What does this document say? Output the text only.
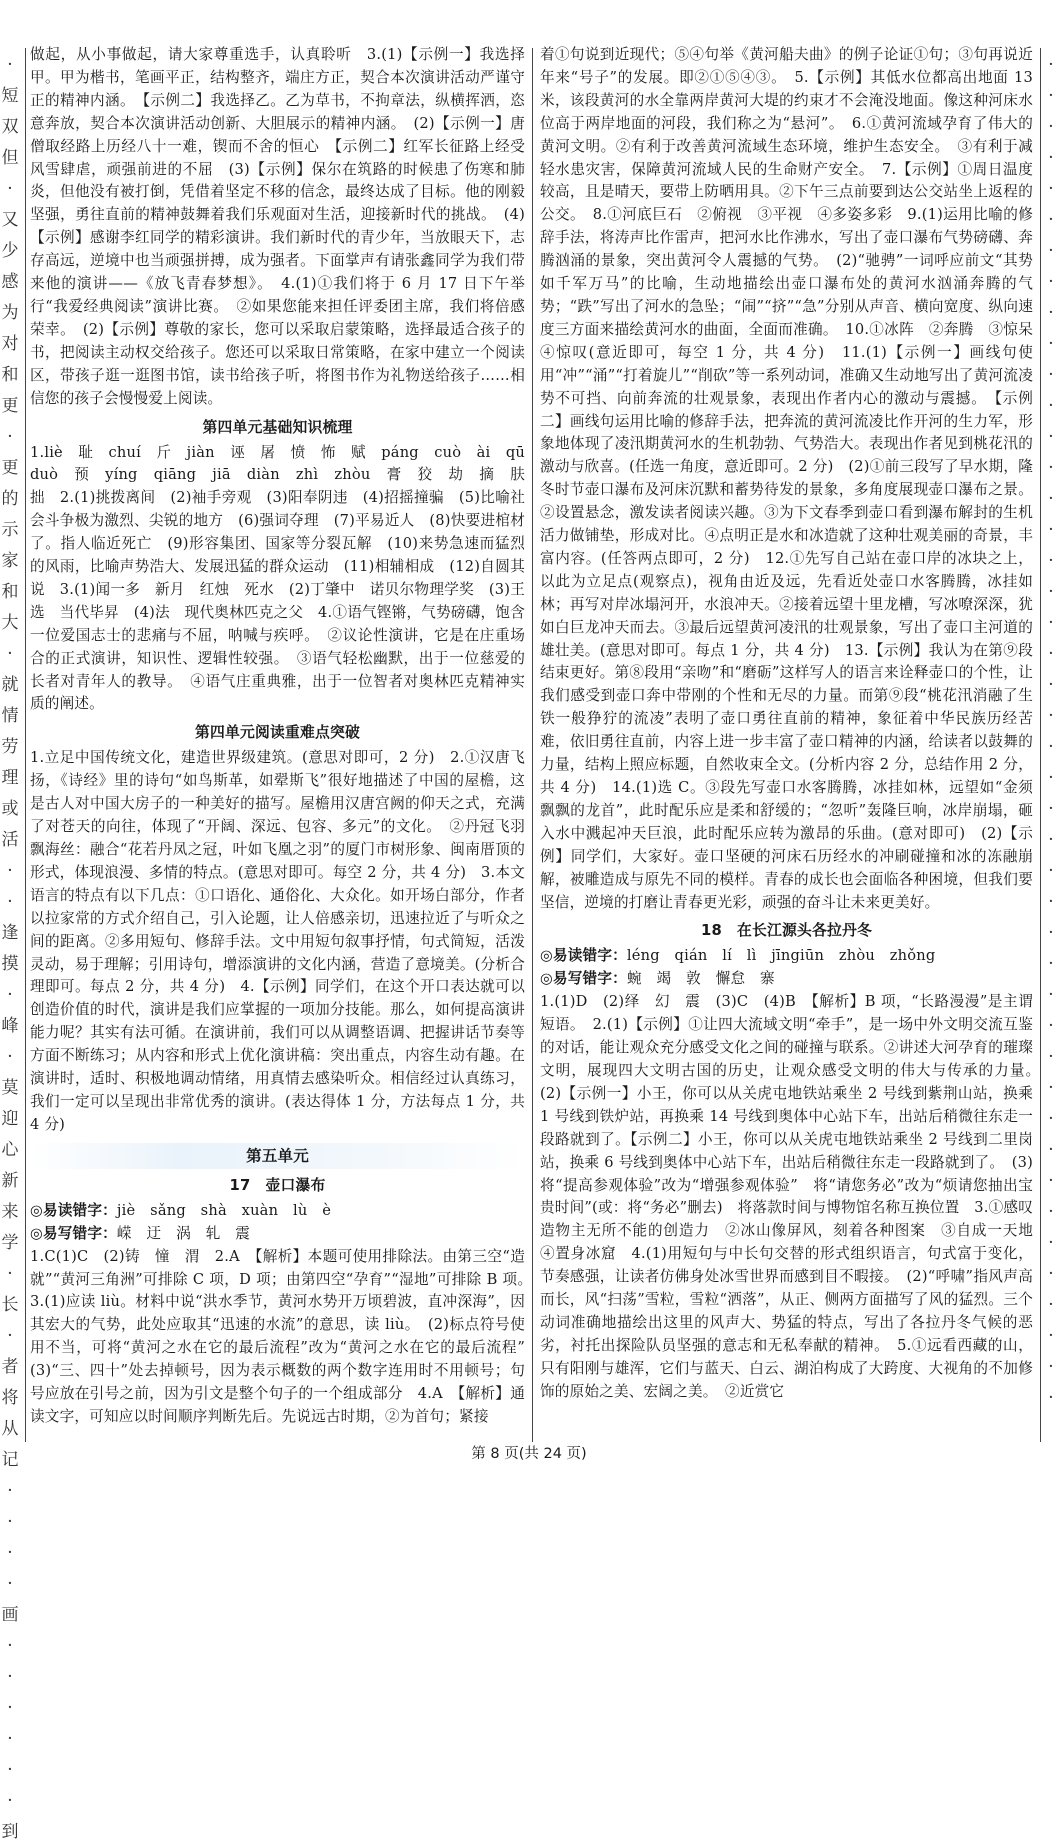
·
短
双
但
·
又
少
感
为
对
和
更
·
更
的
示
家
和
大
·
就
情
劳
理
或
活
·
·
逢
摸
·
峰
·
莫
迎
心
新
来
学
·
长
·
者
将
从
记
·
·
·
·
画
·
·
·
·
·
·
到

做起，从小事做起，请大家尊重选手，认真聆听　3.(1)【示例一】我选择甲。甲为楷书，笔画平正，结构整齐，端庄方正，契合本次演讲活动严谨守正的精神内涵。　【示例二】我选择乙。乙为草书，不拘章法，纵横挥洒，恣意奔放，契合本次演讲活动创新、大胆展示的精神内涵。　(2)【示例一】唐僧取经路上历经八十一难，锲而不舍的恒心　【示例二】红军长征路上经受风雪肆虐，顽强前进的不屈　(3)【示例】保尔在筑路的时候患了伤寒和肺炎，但他没有被打倒，凭借着坚定不移的信念，最终达成了目标。他的刚毅坚强，勇往直前的精神鼓舞着我们乐观面对生活，迎接新时代的挑战。　(4)【示例】感谢李红同学的精彩演讲。我们新时代的青少年，当放眼天下，志存高远，逆境中也当顽强拼搏，成为强者。下面掌声有请张鑫同学为我们带来他的演讲——《放飞青春梦想》。　4.(1)①我们将于 6 月 17 日下午举行“我爱经典阅读”演讲比赛。　②如果您能来担任评委团主席，我们将倍感荣幸。　(2)【示例】尊敬的家长，您可以采取启蒙策略，选择最适合孩子的书，把阅读主动权交给孩子。您还可以采取日常策略，在家中建立一个阅读区，带孩子逛一逛图书馆，读书给孩子听，将图书作为礼物送给孩子……相信您的孩子会慢慢爱上阅读。

第四单元基础知识梳理

1.liè　耻　chuí　斤　jiàn　诬　屠　愤　怖　赋　páng　cuò　ài　qū　duò　预　yíng　qiāng　jiā　diàn　zhì　zhòu　膏　狡　劫　摘　肤　拙　2.(1)挑拨离间　(2)袖手旁观　(3)阳奉阴违　(4)招摇撞骗　(5)比喻社会斗争极为激烈、尖锐的地方　(6)强词夺理　(7)平易近人　(8)快要进棺材了。指人临近死亡　(9)形容集团、国家等分裂瓦解　(10)来势急速而猛烈的风雨，比喻声势浩大、发展迅猛的群众运动　(11)相辅相成　(12)自圆其说　3.(1)闻一多　新月　红烛　死水　(2)丁肇中　诺贝尔物理学奖　(3)王选　当代毕昇　(4)法　现代奥林匹克之父　4.①语气铿锵，气势磅礴，饱含一位爱国志士的悲痛与不屈，呐喊与疾呼。　②议论性演讲，它是在庄重场合的正式演讲，知识性、逻辑性较强。　③语气轻松幽默，出于一位慈爱的长者对青年人的教导。　④语气庄重典雅，出于一位智者对奥林匹克精神实质的阐述。

第四单元阅读重难点突破

1.立足中国传统文化，建造世界级建筑。(意思对即可，2 分)　2.①汉唐飞扬，《诗经》里的诗句“如鸟斯革，如翚斯飞”很好地描述了中国的屋檐，这是古人对中国大房子的一种美好的描写。屋檐用汉唐宫阙的仰天之式，充满了对苍天的向往，体现了“开阔、深远、包容、多元”的文化。　②丹冠飞羽飘海丝：融合“花若丹凤之冠，叶如飞凰之羽”的厦门市树形象、闽南厝顶的形式，体现浪漫、多情的特点。(意思对即可。每空 2 分，共 4 分)　3.本文语言的特点有以下几点：①口语化、通俗化、大众化。如开场白部分，作者以拉家常的方式介绍自己，引入论题，让人倍感亲切，迅速拉近了与听众之间的距离。②多用短句、修辞手法。文中用短句叙事抒情，句式简短，活泼灵动，易于理解；引用诗句，增添演讲的文化内涵，营造了意境美。(分析合理即可。每点 2 分，共 4 分)　4.【示例】同学们，在这个开口表达就可以创造价值的时代，演讲是我们应掌握的一项加分技能。那么，如何提高演讲能力呢？其实有法可循。在演讲前，我们可以从调整语调、把握讲话节奏等方面不断练习；从内容和形式上优化演讲稿：突出重点，内容生动有趣。在演讲时，适时、积极地调动情绪，用真情去感染听众。相信经过认真练习，我们一定可以呈现出非常优秀的演讲。(表达得体 1 分，方法每点 1 分，共 4 分)

第五单元
17　壶口瀑布

◎易读错字：jiè　sǎng　shà　xuàn　lù　è

◎易写错字：嵘　迂　涡　轧　震

1.C(1)C　(2)铸　憧　渭　2.A　【解析】本题可使用排除法。由第三空“造就”“黄河三角洲”可排除 C 项，D 项；由第四空“孕育”“湿地”可排除 B 项。　3.(1)应读 liù。材料中说“洪水季节，黄河水势开万顷碧波，直冲深海”，因其宏大的气势，此处应取其“迅速的水流”的意思，读 liù。　(2)标点符号使用不当，可将“黄河之水在它的最后流程”改为“黄河之水在它的最后流程”　(3)“三、四十”处去掉顿号，因为表示概数的两个数字连用时不用顿号；句号应放在引号之前，因为引文是整个句子的一个组成部分　4.A　【解析】通读文字，可知应以时间顺序判断先后。先说远古时期，②为首句；紧接

着①句说到近现代；⑤④句举《黄河船夫曲》的例子论证①句；③句再说近年来“号子”的发展。即②①⑤④③。　5.【示例】其低水位都高出地面 13 米，该段黄河的水全靠两岸黄河大堤的约束才不会淹没地面。像这种河床水位高于两岸地面的河段，我们称之为“悬河”。　6.①黄河流域孕育了伟大的黄河文明。②有利于改善黄河流域生态环境，维护生态安全。　③有利于减轻水患灾害，保障黄河流域人民的生命财产安全。　7.【示例】①周日温度较高，且是晴天，要带上防晒用具。②下午三点前要到达公交站坐上返程的公交。　8.①河底巨石　②俯视　③平视　④多姿多彩　9.(1)运用比喻的修辞手法，将涛声比作雷声，把河水比作沸水，写出了壶口瀑布气势磅礴、奔腾汹涌的景象，突出黄河令人震撼的气势。　(2)“驰骋”一词呼应前文“其势如千军万马”的比喻，生动地描绘出壶口瀑布处的黄河水汹涌奔腾的气势；“跌”写出了河水的急坠；“闹”“挤”“急”分别从声音、横向宽度、纵向速度三方面来描绘黄河水的曲面，全面而准确。　10.①冰阵　②奔腾　③惊呆　④惊叹(意近即可，每空 1 分，共 4 分)　11.(1)【示例一】画线句使用“冲”“涌”“打着旋儿”“削砍”等一系列动词，准确又生动地写出了黄河流凌势不可挡、向前奔流的壮观景象，表现出作者内心的激动与震撼。　【示例二】画线句运用比喻的修辞手法，把奔流的黄河流凌比作开河的生力军，形象地体现了凌汛期黄河水的生机勃勃、气势浩大。表现出作者见到桃花汛的激动与欣喜。(任选一角度，意近即可。2 分)　(2)①前三段写了早水期，隆冬时节壶口瀑布及河床沉默和蓄势待发的景象，多角度展现壶口瀑布之景。②设置悬念，激发读者阅读兴趣。③为下文春季到壶口看到瀑布解封的生机活力做铺垫，形成对比。④点明正是水和冰造就了这种壮观美丽的奇景，丰富内容。(任答两点即可，2 分)　12.①先写自己站在壶口岸的冰块之上，以此为立足点(观察点)，视角由近及远，先看近处壶口水客腾腾，冰挂如林；再写对岸冰塌河开，水浪冲天。②接着远望十里龙槽，写冰嘹深深，犹如白巨龙冲天而去。③最后远望黄河凌汛的壮观景象，写出了壶口主河道的雄壮美。(意思对即可。每点 1 分，共 4 分)　13.【示例】我认为在第⑨段结束更好。第⑧段用“亲吻”和“磨砺”这样写人的语言来诠释壶口的个性，让我们感受到壶口奔中带刚的个性和无尽的力量。而第⑨段“桃花汛消融了生铁一般狰狞的流凌”表明了壶口勇往直前的精神，象征着中华民族历经苦难，依旧勇往直前，内容上进一步丰富了壶口精神的内涵，给读者以鼓舞的力量，结构上照应标题，自然收束全文。(分析内容 2 分，总结作用 2 分，共 4 分)　14.(1)选 C。③段先写壶口水客腾腾，冰挂如林，远望如“金须飘飘的龙首”，此时配乐应是柔和舒缓的；“忽听”轰隆巨响，冰岸崩塌，砸入水中溅起冲天巨浪，此时配乐应转为激昂的乐曲。(意对即可)　(2)【示例】同学们，大家好。壶口坚硬的河床石历经水的冲刷碰撞和冰的冻融崩解，被雕造成与原先不同的模样。青春的成长也会面临各种困境，但我们要坚信，逆境的打磨让青春更光彩，顽强的奋斗让未来更美好。

18　在长江源头各拉丹冬

◎易读错字：léng　qián　lí　lì　jīngiūn　zhòu　zhǒng

◎易写错字：蜿　竭　敦　懈怠　寨

1.(1)D　(2)绎　幻　震　(3)C　(4)B　【解析】B 项，“长路漫漫”是主谓短语。　2.(1)【示例】①让四大流域文明“牵手”，是一场中外文明交流互鉴的对话，能让观众充分感受文化之间的碰撞与联系。②讲述大河孕育的璀璨文明，展现四大文明古国的历史，让观众感受文明的伟大与传承的力量。　(2)【示例一】小王，你可以从关虎屯地铁站乘坐 2 号线到紫荆山站，换乘 1 号线到铁炉站，再换乘 14 号线到奥体中心站下车，出站后稍微往东走一段路就到了。【示例二】小王，你可以从关虎屯地铁站乘坐 2 号线到二里岗站，换乘 6 号线到奥体中心站下车，出站后稍微往东走一段路就到了。　(3)将“提高参观体验”改为“增强参观体验”　将“请您务必”改为“烦请您抽出宝贵时间”(或：将“务必”删去)　将落款时间与博物馆名称互换位置　3.①感叹造物主无所不能的创造力　②冰山像屏风，刻着各种图案　③自成一天地　④置身冰窟　4.(1)用短句与中长句交替的形式组织语言，句式富于变化，节奏感强，让读者仿佛身处冰雪世界而感到目不暇接。　(2)“呼啸”指风声高而长，风“扫荡”雪粒，雪粒“洒落”，从正、侧两方面描写了风的猛烈。三个动词准确地描绘出这里的风声大、势猛的特点，写出了各拉丹冬气候的恶劣，衬托出探险队员坚强的意志和无私奉献的精神。　5.①远看西藏的山，只有阳刚与雄浑，它们与蓝天、白云、湖泊构成了大跨度、大视角的不加修饰的原始之美、宏阔之美。　②近赏它

·
·
·
·
·
·
·
·
·
·
·
·
·
·
·
·
·
·
·
·
·
·
·
·
·
·
·
·
·
·
·
·
·
·
·
·
·
·
·
·
·
·
·
·
第 8 页(共 24 页)
